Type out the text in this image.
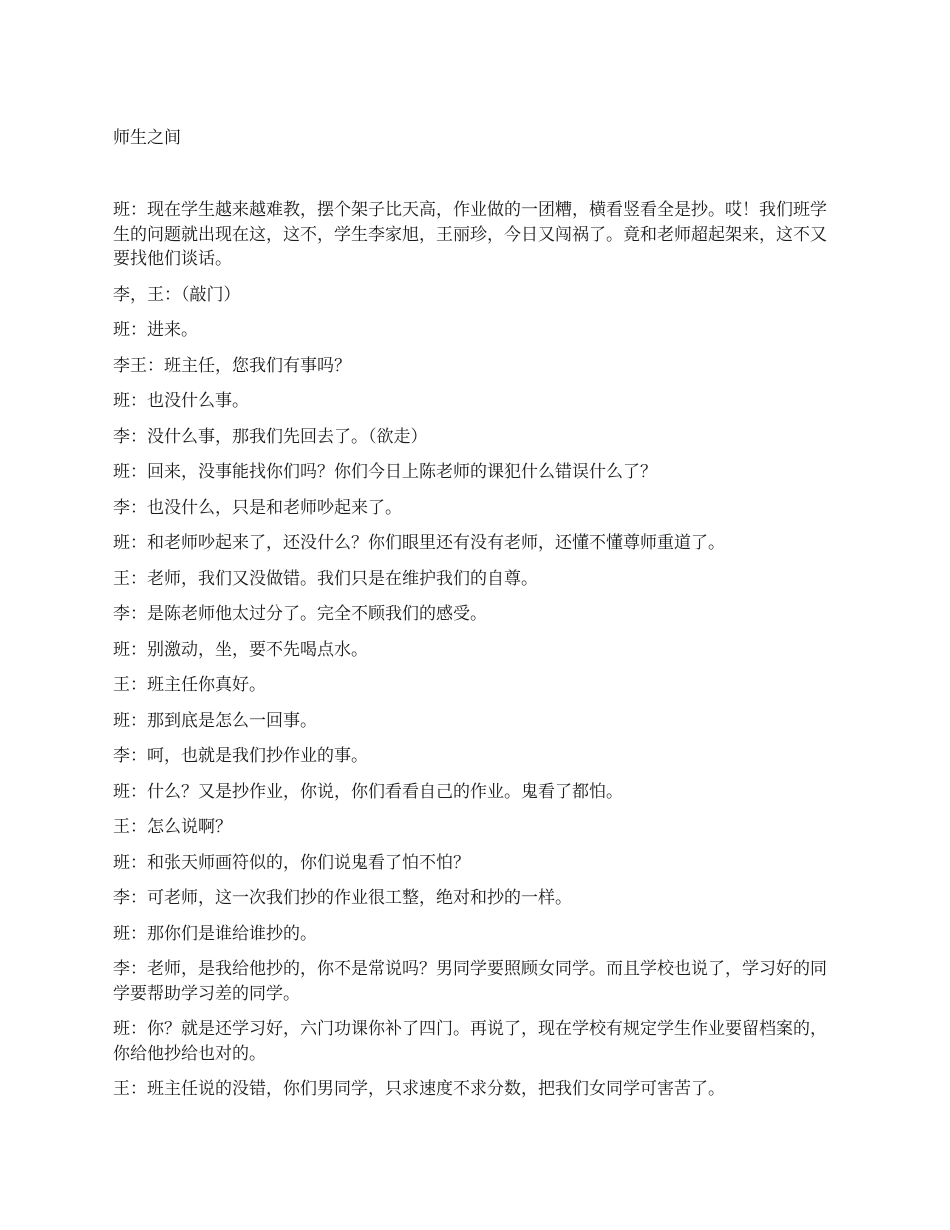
师生之间

班：现在学生越来越难教，摆个架子比天高，作业做的一团糟，横看竖看全是抄。哎！我们班学生的问题就出现在这，这不，学生李家旭，王丽珍，今日又闯祸了。竟和老师超起架来，这不又要找他们谈话。

李，王：（敲门）

班：进来。

李王：班主任，您我们有事吗？

班：也没什么事。

李：没什么事，那我们先回去了。（欲走）

班：回来，没事能找你们吗？你们今日上陈老师的课犯什么错误什么了？

李：也没什么，只是和老师吵起来了。

班：和老师吵起来了，还没什么？你们眼里还有没有老师，还懂不懂尊师重道了。

王：老师，我们又没做错。我们只是在维护我们的自尊。

李：是陈老师他太过分了。完全不顾我们的感受。

班：别激动，坐，要不先喝点水。

王：班主任你真好。

班：那到底是怎么一回事。

李：呵，也就是我们抄作业的事。

班：什么？又是抄作业，你说，你们看看自己的作业。鬼看了都怕。

王：怎么说啊？

班：和张天师画符似的，你们说鬼看了怕不怕？

李：可老师，这一次我们抄的作业很工整，绝对和抄的一样。

班：那你们是谁给谁抄的。

李：老师，是我给他抄的，你不是常说吗？男同学要照顾女同学。而且学校也说了，学习好的同学要帮助学习差的同学。

班：你？就是还学习好，六门功课你补了四门。再说了，现在学校有规定学生作业要留档案的，你给他抄给也对的。

王：班主任说的没错，你们男同学，只求速度不求分数，把我们女同学可害苦了。
